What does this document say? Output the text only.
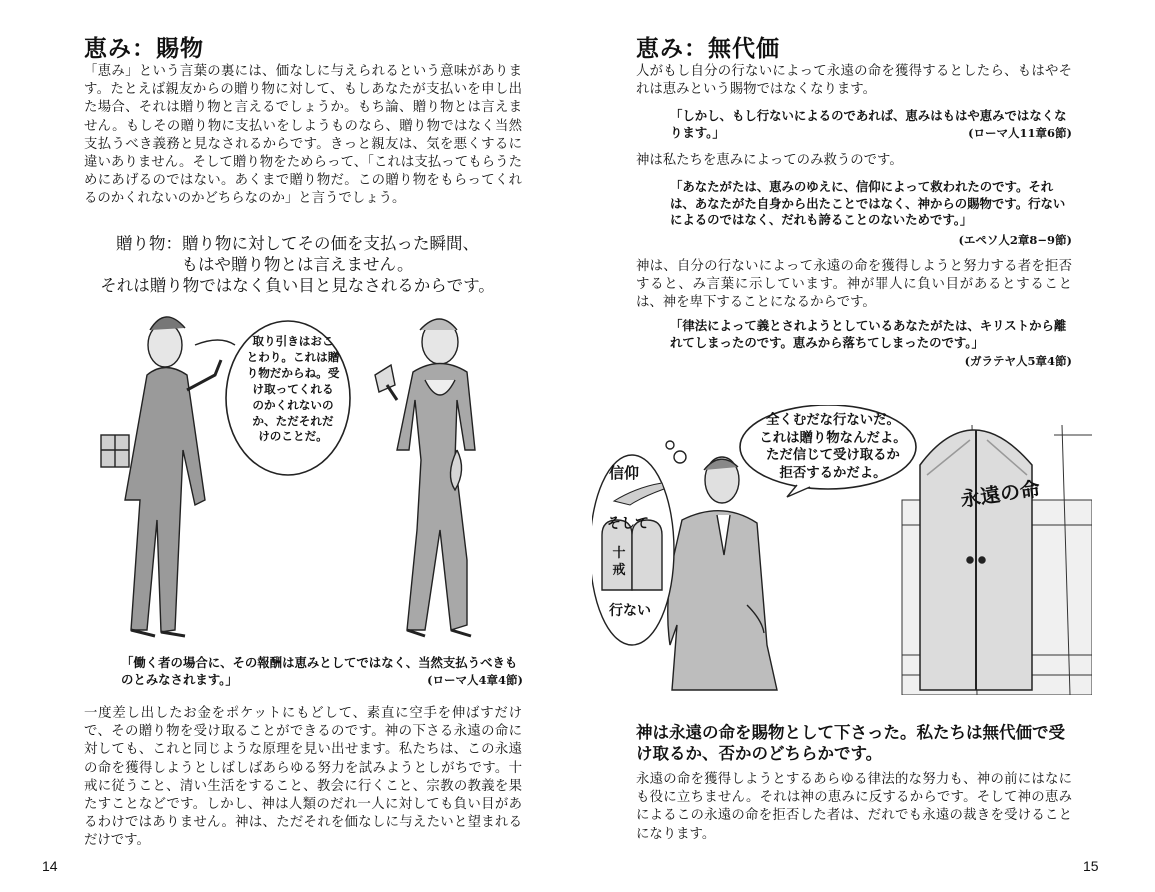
恵み：賜物

「恵み」という言葉の裏には、価なしに与えられるという意味があります。たとえば親友からの贈り物に対して、もしあなたが支払いを申し出た場合、それは贈り物と言えるでしょうか。もち論、贈り物とは言えません。もしその贈り物に支払いをしようものなら、贈り物ではなく当然支払うべき義務と見なされるからです。きっと親友は、気を悪くするに違いありません。そして贈り物をためらって、「これは支払ってもらうためにあげるのではない。あくまで贈り物だ。この贈り物をもらってくれるのかくれないのかどちらなのか」と言うでしょう。

贈り物：贈り物に対してその価を支払った瞬間、
もはや贈り物とは言えません。
それは贈り物ではなく負い目と見なされるからです。
取り引きはおこ
とわり。これは贈
り物だからね。受
け取ってくれる
のかくれないの
か、ただそれだ
けのことだ。

「働く者の場合に、その報酬は恵みとしてではなく、当然支払うべきものとみなされます。」	(ローマ人4章4節)

一度差し出したお金をポケットにもどして、素直に空手を伸ばすだけで、その贈り物を受け取ることができるのです。神の下さる永遠の命に対しても、これと同じような原理を見い出せます。私たちは、この永遠の命を獲得しようとしばしばあらゆる努力を試みようとしがちです。十戒に従うこと、清い生活をすること、教会に行くこと、宗教の教義を果たすことなどです。しかし、神は人類のだれ一人に対しても負い目があるわけではありません。神は、ただそれを価なしに与えたいと望まれるだけです。

14
恵み：無代価

人がもし自分の行ないによって永遠の命を獲得するとしたら、もはやそれは恵みという賜物ではなくなります。

「しかし、もし行ないによるのであれば、恵みはもはや恵みではなくなります。」	(ローマ人11章6節)

神は私たちを恵みによってのみ救うのです。

「あなたがたは、恵みのゆえに、信仰によって救われたのです。それは、あなたがた自身から出たことではなく、神からの賜物です。行ないによるのではなく、だれも誇ることのないためです。」

(エペソ人2章8−9節)

神は、自分の行ないによって永遠の命を獲得しようと努力する者を拒否すると、み言葉に示しています。神が罪人に負い目があるとすることは、神を卑下することになるからです。

「律法によって義とされようとしているあなたがたは、キリストから離れてしまったのです。恵みから落ちてしまったのです。」

(ガラテヤ人5章4節)

全くむだな行ないだ。
これは贈り物なんだよ。
ただ信じて受け取るか
拒否するかだよ。
永遠の命
信仰
そして
十
戒
行ない

神は永遠の命を賜物として下さった。私たちは無代価で受け取るか、否かのどちらかです。

永遠の命を獲得しようとするあらゆる律法的な努力も、神の前にはなにも役に立ちません。それは神の恵みに反するからです。そして神の恵みによるこの永遠の命を拒否した者は、だれでも永遠の裁きを受けることになります。

15
